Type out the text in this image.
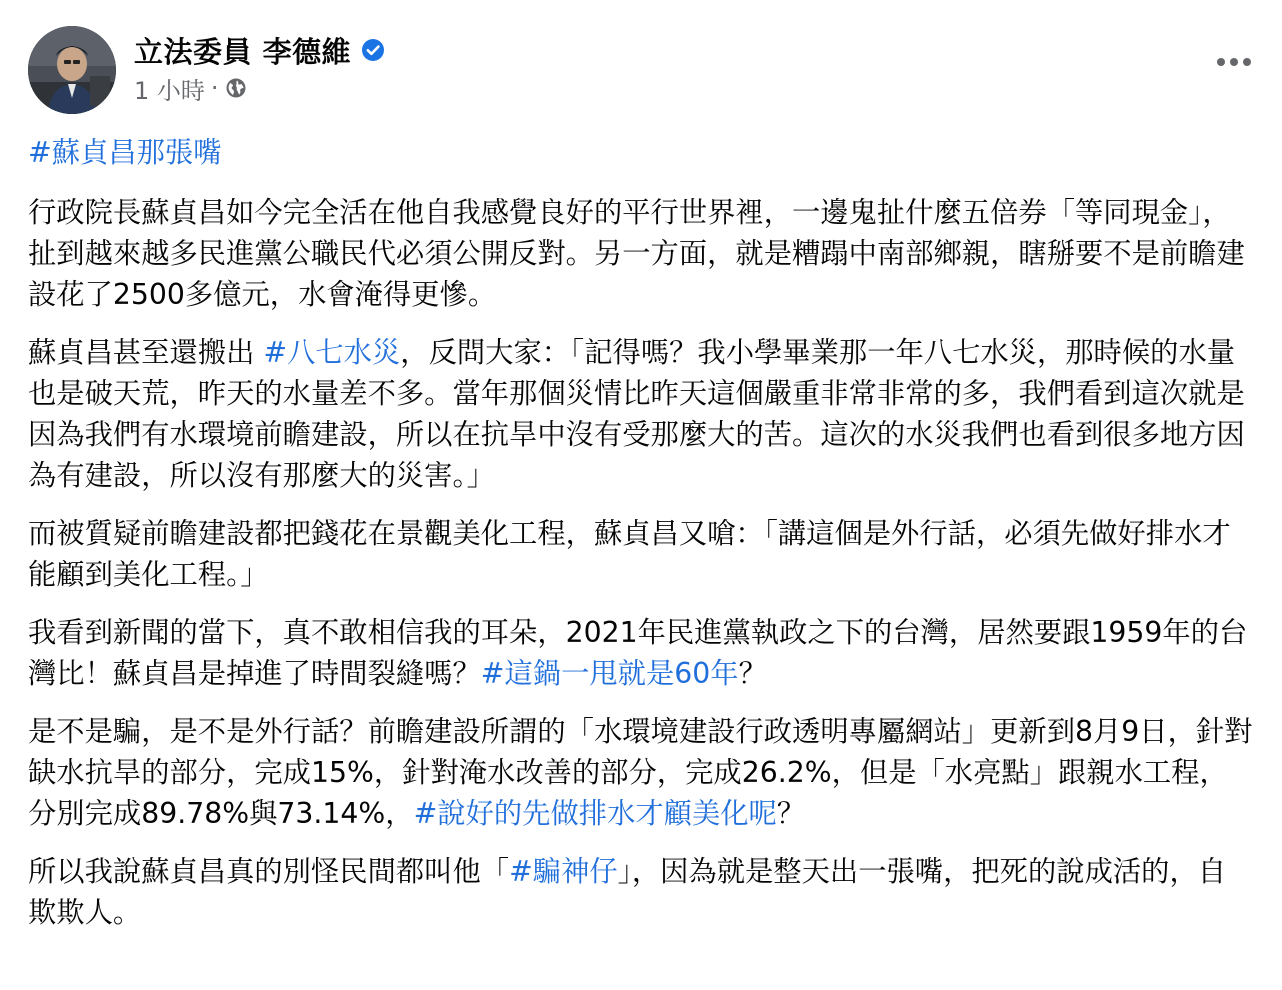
立法委員 李德維
1 小時 ·

#蘇貞昌那張嘴

行政院長蘇貞昌如今完全活在他自我感覺良好的平行世界裡，一邊鬼扯什麼五倍券「等同現金」，扯到越來越多民進黨公職民代必須公開反對。另一方面，就是糟蹋中南部鄉親，瞎掰要不是前瞻建設花了2500多億元，水會淹得更慘。

蘇貞昌甚至還搬出 #八七水災，反問大家：「記得嗎？我小學畢業那一年八七水災，那時候的水量也是破天荒，昨天的水量差不多。當年那個災情比昨天這個嚴重非常非常的多，我們看到這次就是因為我們有水環境前瞻建設，所以在抗旱中沒有受那麼大的苦。這次的水災我們也看到很多地方因為有建設，所以沒有那麼大的災害。」

而被質疑前瞻建設都把錢花在景觀美化工程，蘇貞昌又嗆：「講這個是外行話，必須先做好排水才能顧到美化工程。」

我看到新聞的當下，真不敢相信我的耳朵，2021年民進黨執政之下的台灣，居然要跟1959年的台灣比！蘇貞昌是掉進了時間裂縫嗎？#這鍋一甩就是60年？

是不是騙，是不是外行話？前瞻建設所謂的「水環境建設行政透明專屬網站」更新到8月9日，針對缺水抗旱的部分，完成15%，針對淹水改善的部分，完成26.2%，但是「水亮點」跟親水工程，分別完成89.78%與73.14%，#說好的先做排水才顧美化呢？

所以我說蘇貞昌真的別怪民間都叫他「#騙神仔」，因為就是整天出一張嘴，把死的說成活的，自欺欺人。
